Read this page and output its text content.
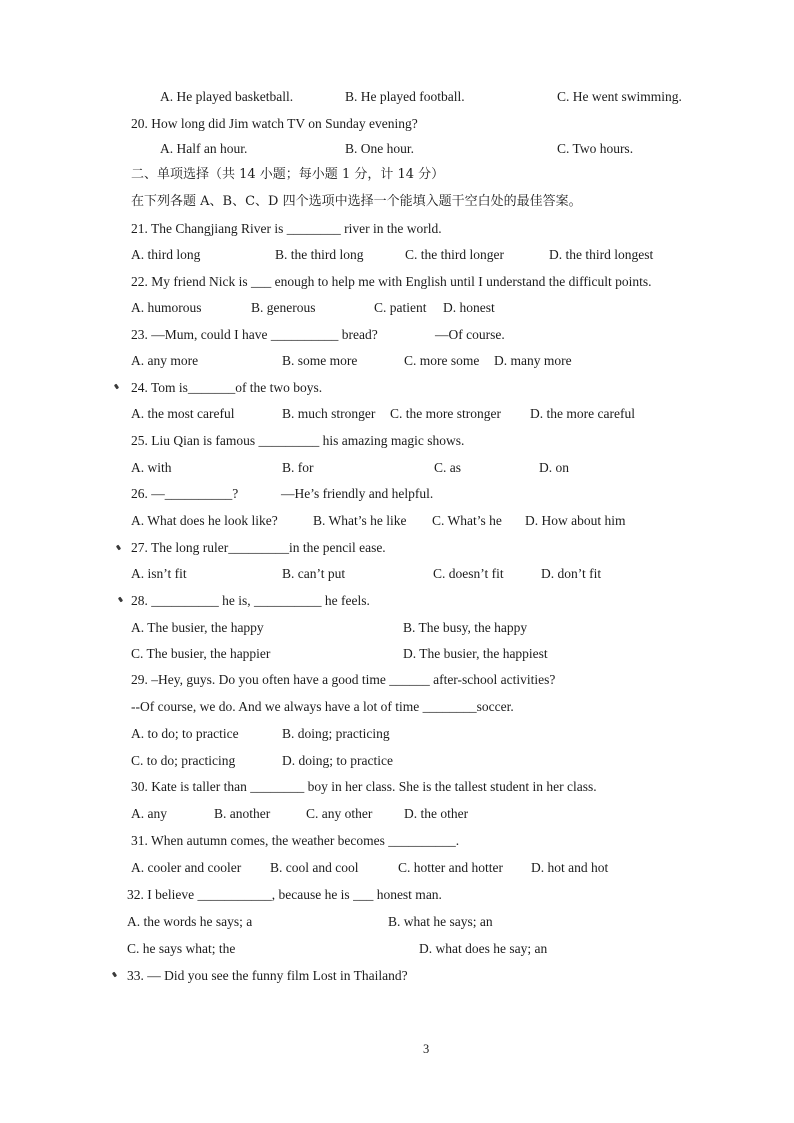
A. He played basketball.	B. He played football.	C. He went swimming.
20. How long did Jim watch TV on Sunday evening?
A. Half an hour.	B. One hour.	C. Two hours.
二、单项选择（共 14 小题；每小题 1 分，计 14 分）
在下列各题 A、B、C、D 四个选项中选择一个能填入题干空白处的最佳答案。
21. The Changjiang River is ________ river in the world.
A. third long	B. the third long	C. the third longer	D. the third longest
22. My friend Nick is ___ enough to help me with English until I understand the difficult points.
A. humorous	B. generous	C. patient D. honest
23. —Mum, could I have __________ bread?	—Of course.
A. any more	B. some more	C. more some D. many more
24. Tom is_______of the two boys.
A. the most careful	B. much stronger C. the more stronger D. the more careful
25. Liu Qian is famous _________ his amazing magic shows.
A. with	B. for	C. as	D. on
26. —__________?	—He’s friendly and helpful.
A. What does he look like?	B. What’s he like C. What’s he D. How about him
27. The long ruler_________in the pencil ease.
A. isn’t fit	B. can’t put	C. doesn’t fit	D. don’t fit
28. __________ he is, __________ he feels.
A. The busier, the happy	B. The busy, the happy
C. The busier, the happier	D. The busier, the happiest
29. –Hey, guys. Do you often have a good time ______ after-school activities?
--Of course, we do. And we always have a lot of time ________soccer.
A. to do; to practice	B. doing; practicing
C. to do; practicing	D. doing; to practice
30. Kate is taller than ________ boy in her class. She is the tallest student in her class.
A. any	B. another	C. any other D. the other
31. When autumn comes, the weather becomes __________.
A. cooler and cooler B. cool and cool	C. hotter and hotter D. hot and hot
32. I believe ___________, because he is ___ honest man.
A. the words he says; a	B. what he says; an
C. he says what; the	D. what does he say; an
33. — Did you see the funny film Lost in Thailand?
3
